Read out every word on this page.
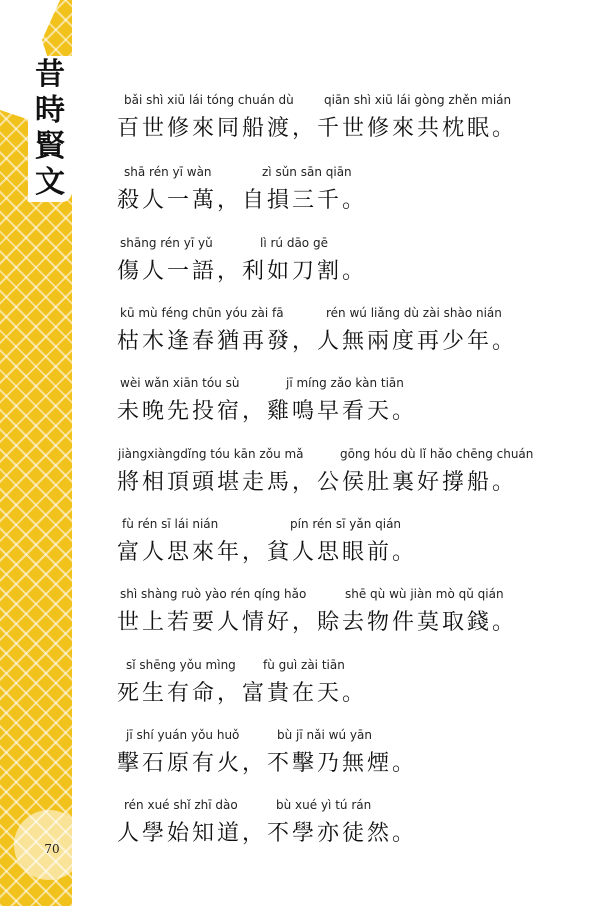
昔
時
賢
文
70
bǎi shì xiū lái tóng chuán dù	qiān shì xiū lái gòng zhěn mián
百世修來同船渡，千世修來共枕眠。
shā rén yī wàn	zì sǔn sān qiān
殺人一萬，自損三千。
shāng rén yī yǔ	lì rú dāo gē
傷人一語，利如刀割。
kū mù féng chūn yóu zài fā	rén wú liǎng dù zài shào nián
枯木逢春猶再發，人無兩度再少年。
wèi wǎn xiān tóu sù	jī míng zǎo kàn tiān
未晚先投宿，雞鳴早看天。
jiàngxiàngdǐng tóu kān zǒu mǎ	gōng hóu dù lǐ hǎo chēng chuán
將相頂頭堪走馬，公侯肚裏好撐船。
fù rén sī lái nián	pín rén sī yǎn qián
富人思來年，貧人思眼前。
shì shàng ruò yào rén qíng hǎo	shē qù wù jiàn mò qǔ qián
世上若要人情好，賒去物件莫取錢。
sǐ shēng yǒu mìng fù guì zài tiān
死生有命，富貴在天。
jī shí yuán yǒu huǒ	bù jī nǎi wú yān
擊石原有火，不擊乃無煙。
rén xué shǐ zhī dào	bù xué yì tú rán
人學始知道，不學亦徒然。
